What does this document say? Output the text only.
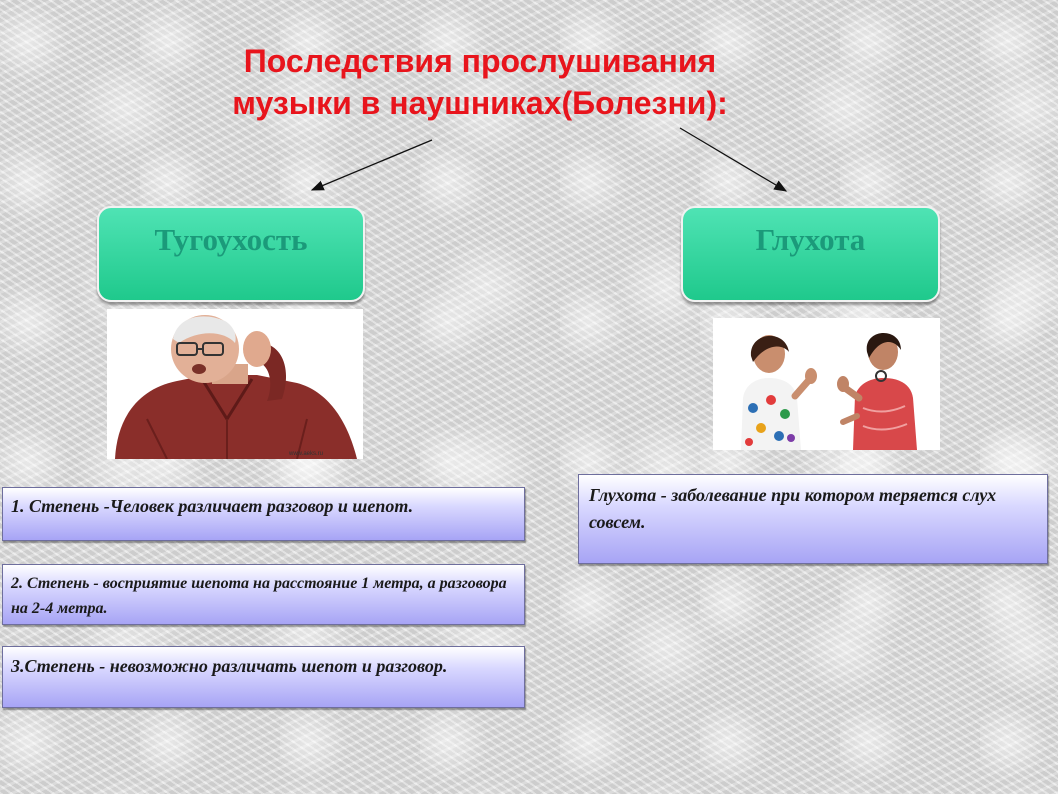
Последствия прослушивания
музыки в наушниках(Болезни):
Тугоухость	Глухота
www.aeks.ru
1. Степень -Человек различает разговор и шепот.
2. Степень - восприятие шепота на расстояние 1 метра, а разговора на 2-4 метра.
3.Степень - невозможно различать шепот и разговор.
Глухота - заболевание при котором теряется слух совсем.
